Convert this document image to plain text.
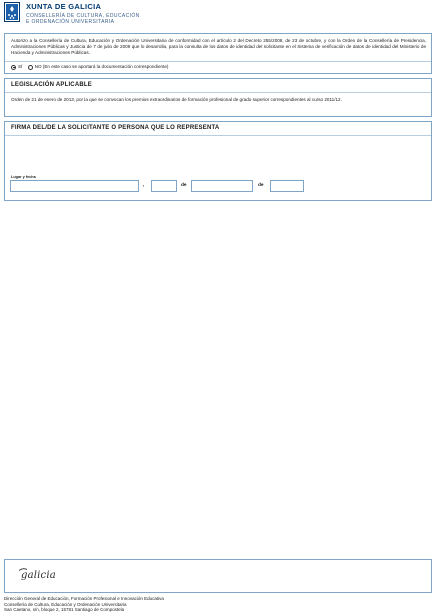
XUNTA DE GALICIA
CONSELLERÍA DE CULTURA, EDUCACIÓN
E ORDENACIÓN UNIVERSITARIA
Autorizo a la Consellería de Cultura, Educación y Ordenación Universitaria de conformidad con el artículo 2 del Decreto 255/2008, de 23 de octubre, y con la Orden de la Consellería de Presidencia, Administraciones Públicas y Justicia de 7 de julio de 2009 que lo desarrolla, para la consulta de los datos de identidad del solicitante en el Sistema de verificación de datos de identidad del Ministerio de Hacienda y Administraciones Públicas.
SÍ	NO (En este caso se aportará la documentación correspondiente)
LEGISLACIÓN APLICABLE
Orden de 21 de enero de 2013, por la que se convocan los premios extraordinarios de formación profesional de grado superior correspondientes al curso 2011/12.
FIRMA DEL/DE LA SOLICITANTE O PERSONA QUE LO REPRESENTA
Lugar y fecha
,	de	de
galicia
Dirección General de Educación, Formación Profesional e Innovación Educativa
Consellería de Cultura, Educación y Ordenación Universitaria
San Caetano, s/n, bloque 2, 15781 Santiago de Compostela
